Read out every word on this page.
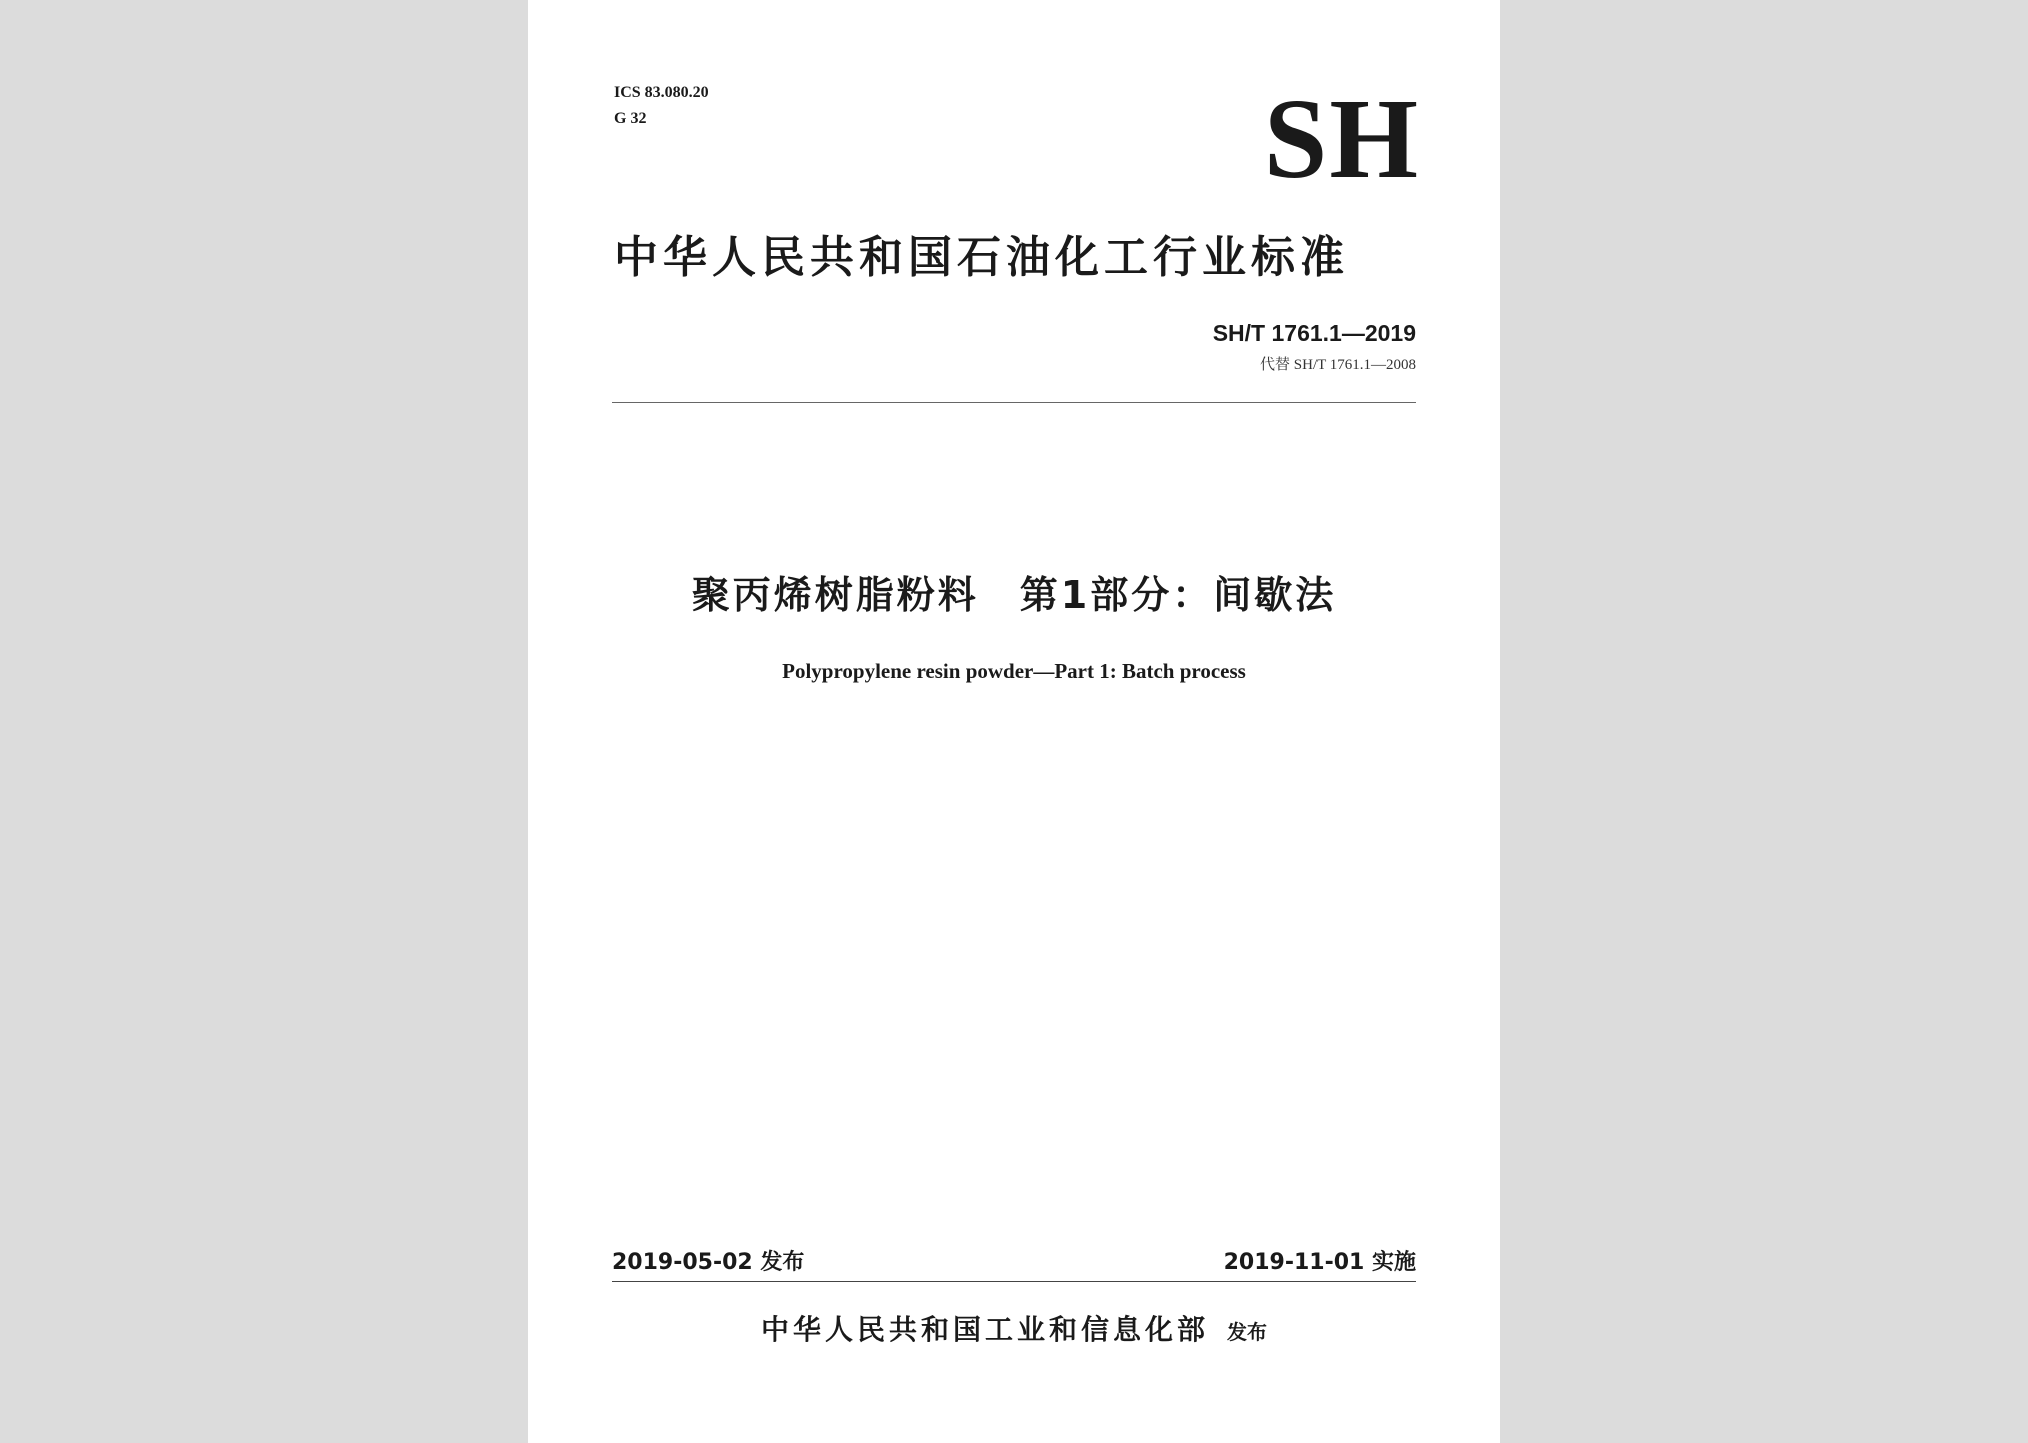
ICS 83.080.20

G 32	SH

中华人民共和国石油化工行业标准

SH/T 1761.1—2019

代替 SH/T 1761.1—2008

聚丙烯树脂粉料　第1部分：间歇法

Polypropylene resin powder—Part 1: Batch process

2019-05-02 发布	2019-11-01 实施

中华人民共和国工业和信息化部 发布
